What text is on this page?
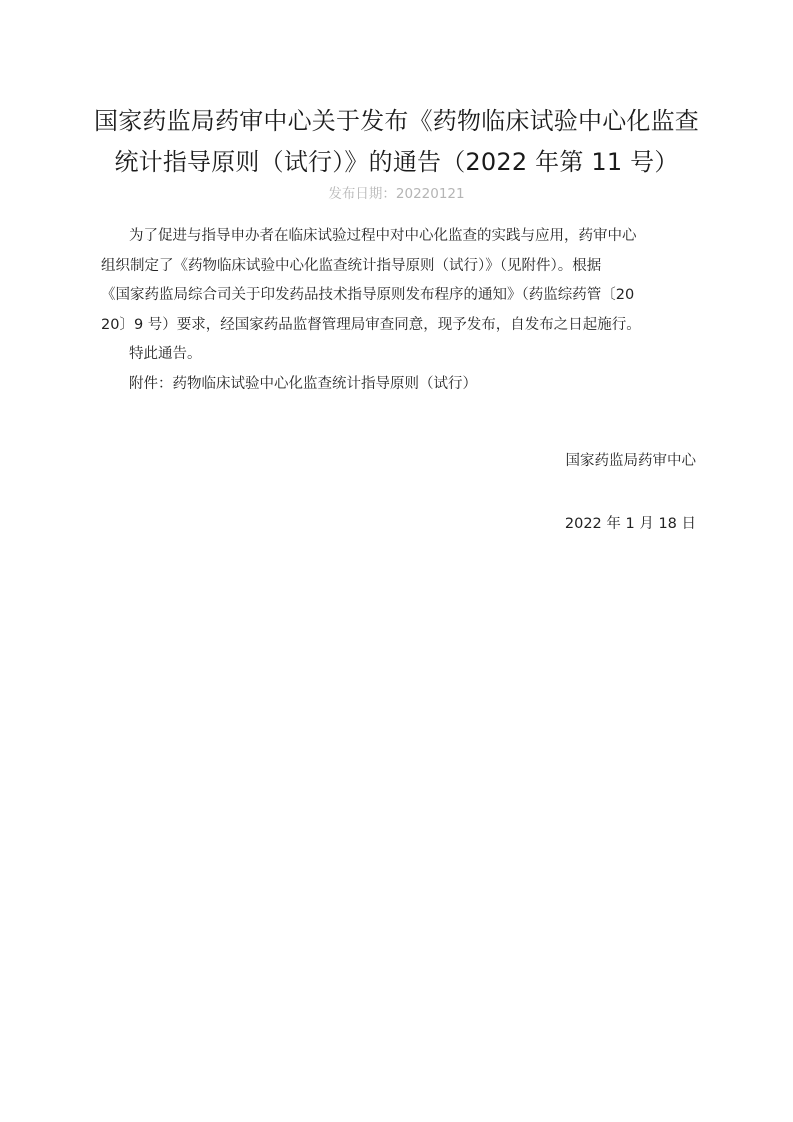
国家药监局药审中心关于发布《药物临床试验中心化监查
统计指导原则（试行）》的通告（2022 年第 11 号）
发布日期：20220121
为了促进与指导申办者在临床试验过程中对中心化监查的实践与应用，药审中心
组织制定了《药物临床试验中心化监查统计指导原则（试行）》（见附件）。根据
《国家药监局综合司关于印发药品技术指导原则发布程序的通知》（药监综药管〔20
20〕9 号）要求，经国家药品监督管理局审查同意，现予发布，自发布之日起施行。
特此通告。
附件：药物临床试验中心化监查统计指导原则（试行）
国家药监局药审中心
2022 年 1 月 18 日
